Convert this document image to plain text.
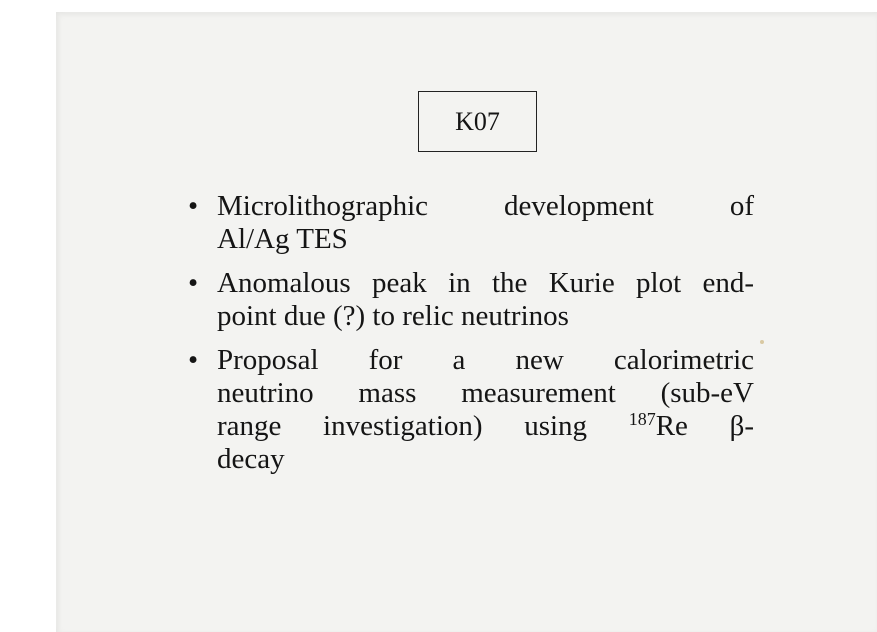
K07
• Microlithographic development of
Al/Ag TES
• Anomalous peak in the Kurie plot end-
point due (?) to relic neutrinos
• Proposal for a new calorimetric
neutrino mass measurement (sub-eV
range investigation) using $^{187}$Re β-
decay
